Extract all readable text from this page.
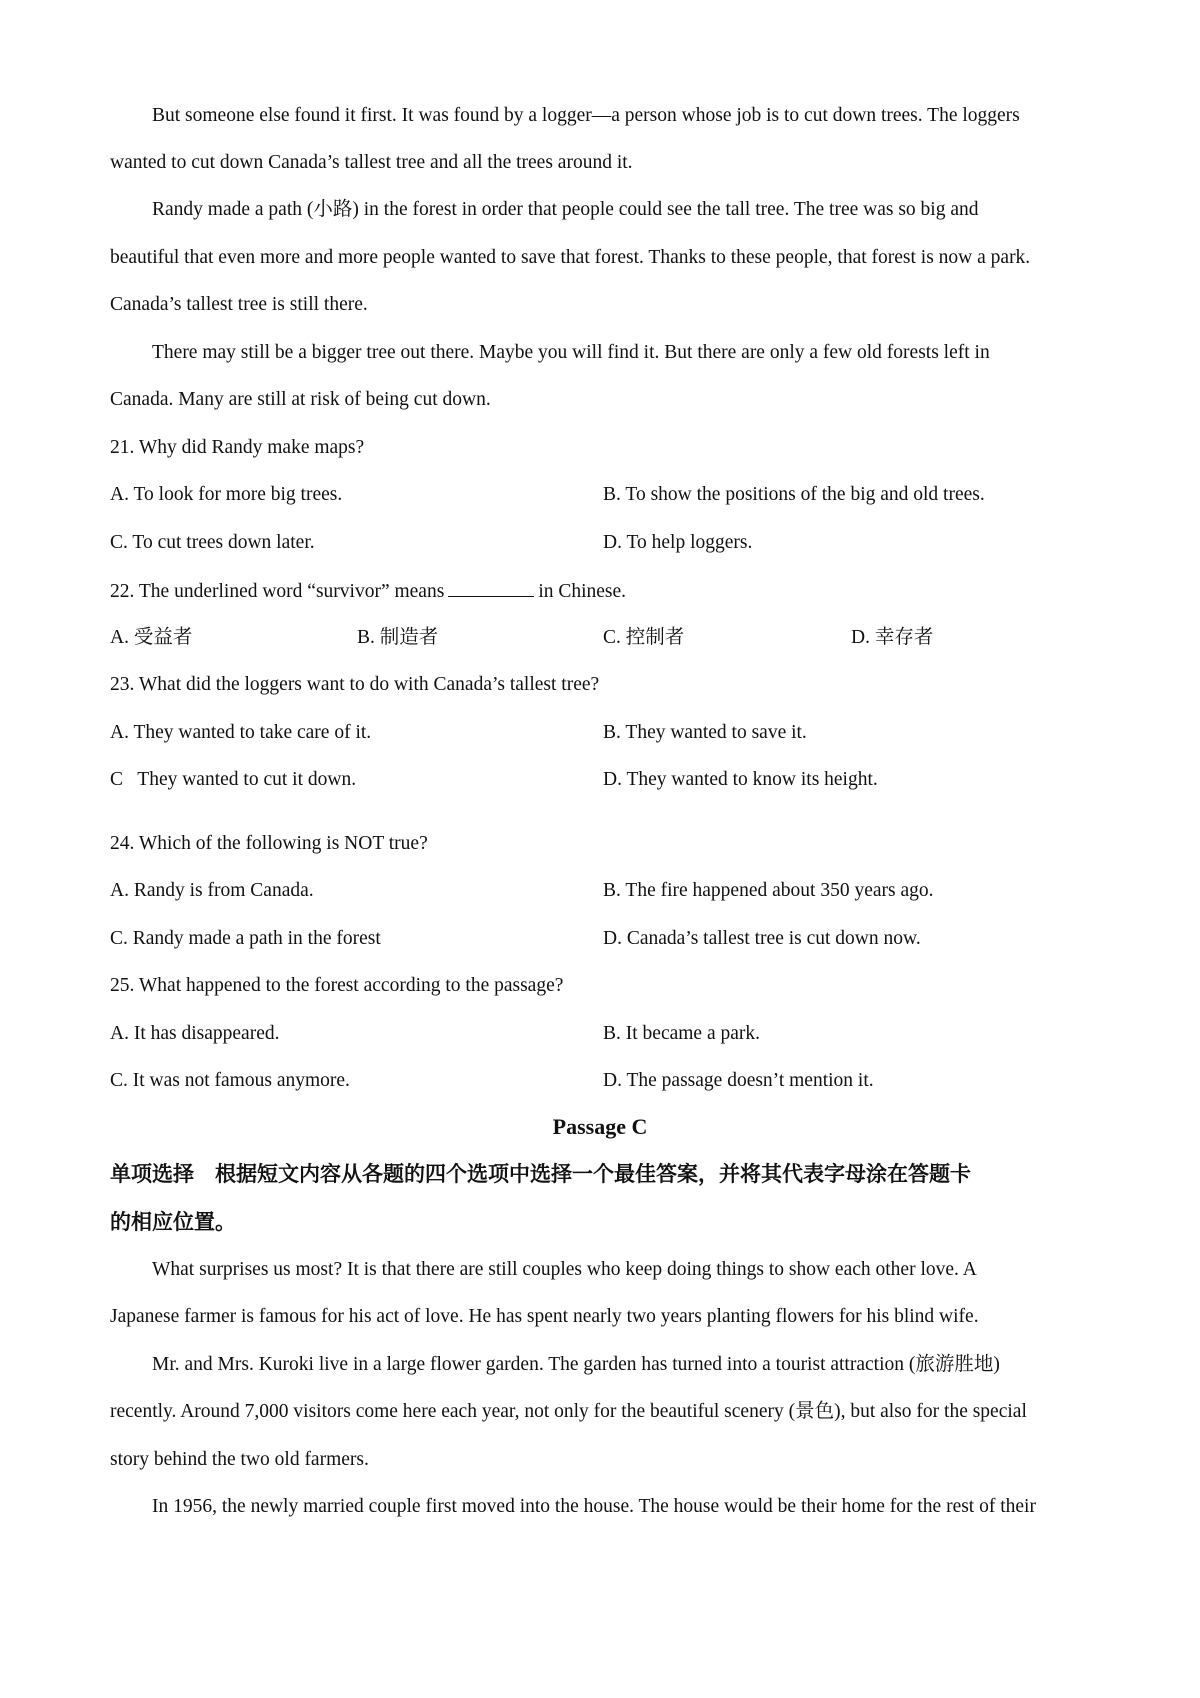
But someone else found it first. It was found by a logger—a person whose job is to cut down trees. The loggers
wanted to cut down Canada’s tallest tree and all the trees around it.
Randy made a path (小路) in the forest in order that people could see the tall tree. The tree was so big and
beautiful that even more and more people wanted to save that forest. Thanks to these people, that forest is now a park.
Canada’s tallest tree is still there.
There may still be a bigger tree out there. Maybe you will find it. But there are only a few old forests left in
Canada. Many are still at risk of being cut down.
21. Why did Randy make maps?
A. To look for more big trees.	B. To show the positions of the big and old trees.
C. To cut trees down later.	D. To help loggers.
22. The underlined word “survivor” means	in Chinese.
A. 受益者	B. 制造者	C. 控制者	D. 幸存者
23. What did the loggers want to do with Canada’s tallest tree?
A. They wanted to take care of it.	B. They wanted to save it.
C   They wanted to cut it down.	D. They wanted to know its height.
24. Which of the following is NOT true?
A. Randy is from Canada.	B. The fire happened about 350 years ago.
C. Randy made a path in the forest	D. Canada’s tallest tree is cut down now.
25. What happened to the forest according to the passage?
A. It has disappeared.	B. It became a park.
C. It was not famous anymore.	D. The passage doesn’t mention it.
Passage C
单项选择　根据短文内容从各题的四个选项中选择一个最佳答案，并将其代表字母涂在答题卡
的相应位置。
What surprises us most? It is that there are still couples who keep doing things to show each other love. A
Japanese farmer is famous for his act of love. He has spent nearly two years planting flowers for his blind wife.
Mr. and Mrs. Kuroki live in a large flower garden. The garden has turned into a tourist attraction (旅游胜地)
recently. Around 7,000 visitors come here each year, not only for the beautiful scenery (景色), but also for the special
story behind the two old farmers.
In 1956, the newly married couple first moved into the house. The house would be their home for the rest of their
